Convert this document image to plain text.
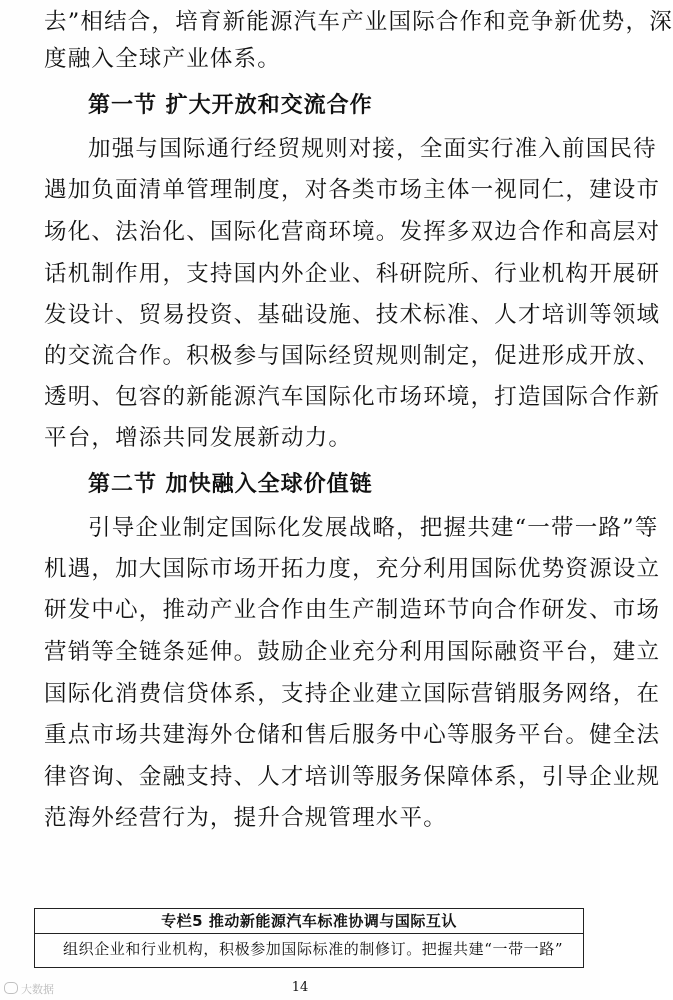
去”相结合，培育新能源汽车产业国际合作和竞争新优势，深
度融入全球产业体系。
第一节 扩大开放和交流合作
加强与国际通行经贸规则对接，全面实行准入前国民待
遇加负面清单管理制度，对各类市场主体一视同仁，建设市
场化、法治化、国际化营商环境。发挥多双边合作和高层对
话机制作用，支持国内外企业、科研院所、行业机构开展研
发设计、贸易投资、基础设施、技术标准、人才培训等领域
的交流合作。积极参与国际经贸规则制定，促进形成开放、
透明、包容的新能源汽车国际化市场环境，打造国际合作新
平台，增添共同发展新动力。
第二节 加快融入全球价值链
引导企业制定国际化发展战略，把握共建“一带一路”等
机遇，加大国际市场开拓力度，充分利用国际优势资源设立
研发中心，推动产业合作由生产制造环节向合作研发、市场
营销等全链条延伸。鼓励企业充分利用国际融资平台，建立
国际化消费信贷体系，支持企业建立国际营销服务网络，在
重点市场共建海外仓储和售后服务中心等服务平台。健全法
律咨询、金融支持、人才培训等服务保障体系，引导企业规
范海外经营行为，提升合规管理水平。
专栏5 推动新能源汽车标准协调与国际互认
组织企业和行业机构，积极参加国际标准的制修订。把握共建“一带一路”
14
大数据
